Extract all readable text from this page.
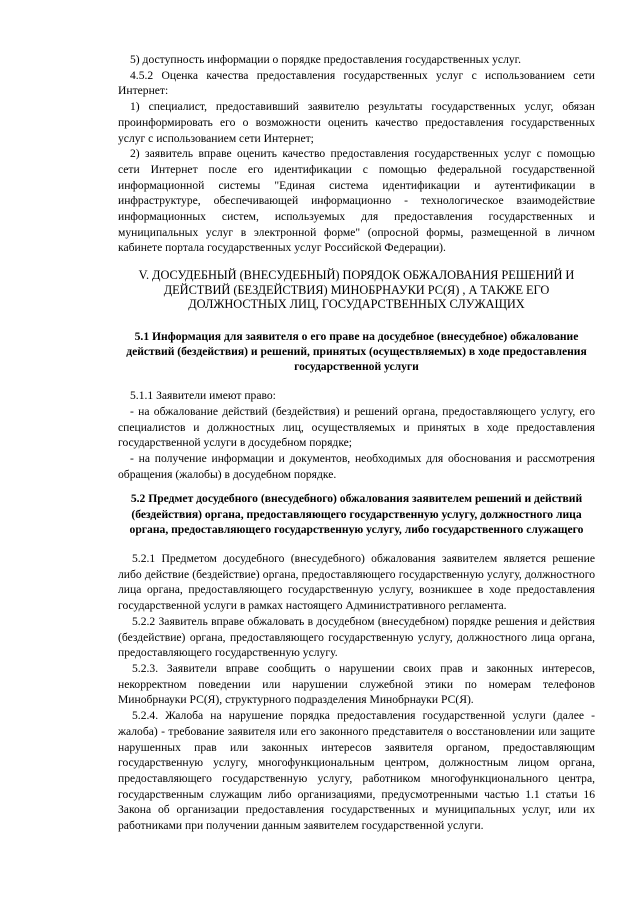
5) доступность информации о порядке предоставления государственных услуг.

4.5.2 Оценка качества предоставления государственных услуг с использованием сети Интернет:

1) специалист, предоставивший заявителю результаты государственных услуг, обязан проинформировать его о возможности оценить качество предоставления государственных услуг с использованием сети Интернет;

2) заявитель вправе оценить качество предоставления государственных услуг с помощью сети Интернет после его идентификации с помощью федеральной государственной информационной системы "Единая система идентификации и аутентификации в инфраструктуре, обеспечивающей информационно - технологическое взаимодействие информационных систем, используемых для предоставления государственных и муниципальных услуг в электронной форме" (опросной формы, размещенной в личном кабинете портала государственных услуг Российской Федерации).

V. ДОСУДЕБНЫЙ (ВНЕСУДЕБНЫЙ) ПОРЯДОК ОБЖАЛОВАНИЯ РЕШЕНИЙ И ДЕЙСТВИЙ (БЕЗДЕЙСТВИЯ) МИНОБРНАУКИ РС(Я) , А ТАКЖЕ ЕГО ДОЛЖНОСТНЫХ ЛИЦ, ГОСУДАРСТВЕННЫХ СЛУЖАЩИХ

5.1 Информация для заявителя о его праве на досудебное (внесудебное) обжалование действий (бездействия) и решений, принятых (осуществляемых) в ходе предоставления государственной услуги

5.1.1 Заявители имеют право:

- на обжалование действий (бездействия) и решений органа, предоставляющего услугу, его специалистов и должностных лиц, осуществляемых и принятых в ходе предоставления государственной услуги в досудебном порядке;

- на получение информации и документов, необходимых для обоснования и рассмотрения обращения (жалобы) в досудебном порядке.

5.2 Предмет досудебного (внесудебного) обжалования заявителем решений и действий (бездействия) органа, предоставляющего государственную услугу, должностного лица органа, предоставляющего государственную услугу, либо государственного служащего

5.2.1 Предметом досудебного (внесудебного) обжалования заявителем является решение либо действие (бездействие) органа, предоставляющего государственную услугу, должностного лица органа, предоставляющего государственную услугу, возникшее в ходе предоставления государственной услуги в рамках настоящего Административного регламента.

5.2.2 Заявитель вправе обжаловать в досудебном (внесудебном) порядке решения и действия (бездействие) органа, предоставляющего государственную услугу, должностного лица органа, предоставляющего государственную услугу.

5.2.3. Заявители вправе сообщить о нарушении своих прав и законных интересов, некорректном поведении или нарушении служебной этики по номерам телефонов Минобрнауки РС(Я), структурного подразделения Минобрнауки РС(Я).

5.2.4. Жалоба на нарушение порядка предоставления государственной услуги (далее - жалоба) - требование заявителя или его законного представителя о восстановлении или защите нарушенных прав или законных интересов заявителя органом, предоставляющим государственную услугу, многофункциональным центром, должностным лицом органа, предоставляющего государственную услугу, работником многофункционального центра, государственным служащим либо организациями, предусмотренными частью 1.1 статьи 16 Закона об организации предоставления государственных и муниципальных услуг, или их работниками при получении данным заявителем государственной услуги.
